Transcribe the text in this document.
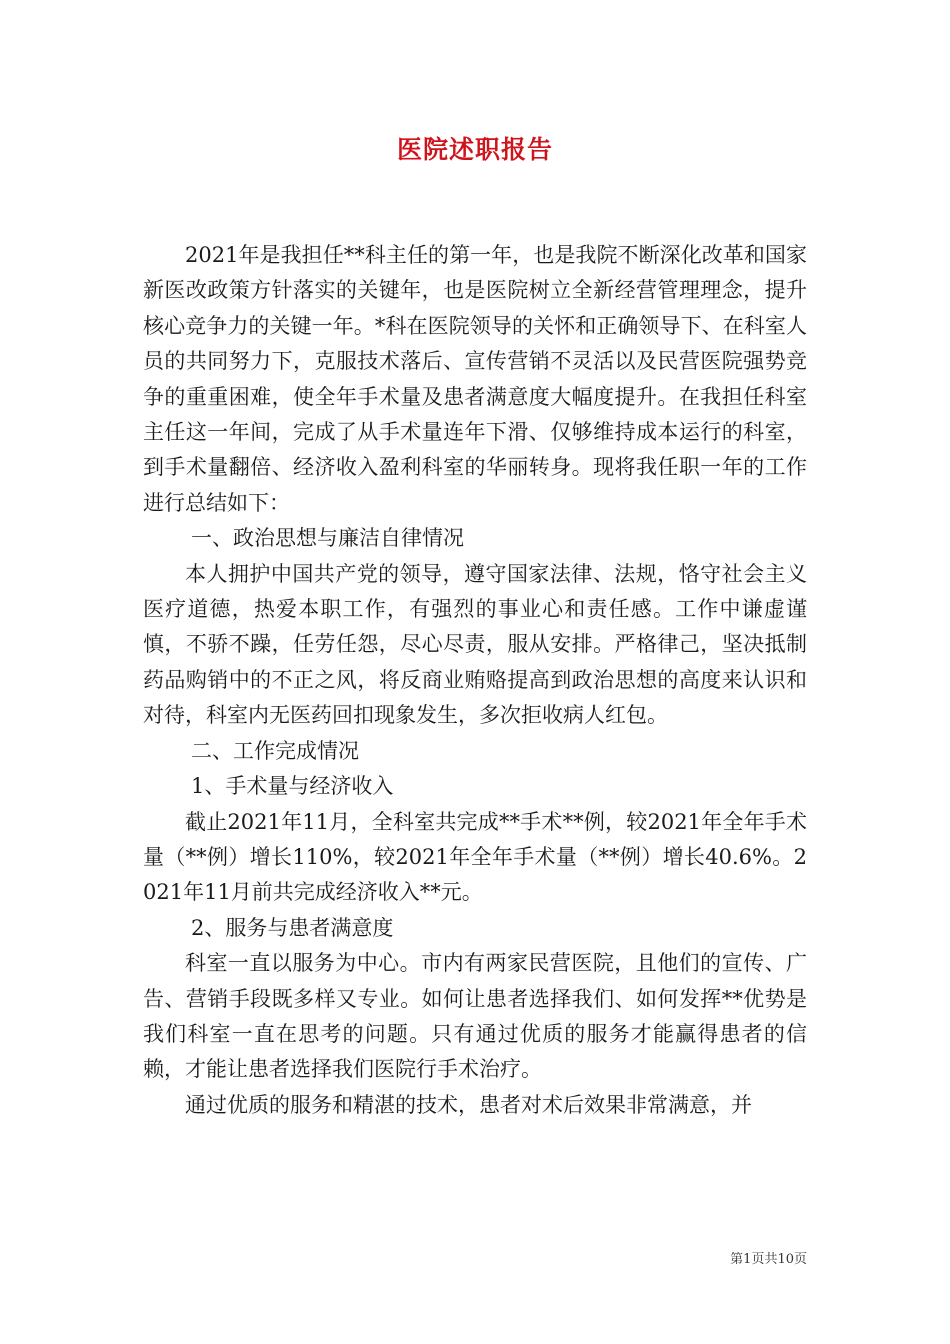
医院述职报告

2021年是我担任**科主任的第一年，也是我院不断深化改革和国家新医改政策方针落实的关键年，也是医院树立全新经营管理理念，提升核心竞争力的关键一年。*科在医院领导的关怀和正确领导下、在科室人员的共同努力下，克服技术落后、宣传营销不灵活以及民营医院强势竞争的重重困难，使全年手术量及患者满意度大幅度提升。在我担任科室主任这一年间，完成了从手术量连年下滑、仅够维持成本运行的科室，到手术量翻倍、经济收入盈利科室的华丽转身。现将我任职一年的工作进行总结如下：

一、政治思想与廉洁自律情况

本人拥护中国共产党的领导，遵守国家法律、法规，恪守社会主义医疗道德，热爱本职工作，有强烈的事业心和责任感。工作中谦虚谨慎，不骄不躁，任劳任怨，尽心尽责，服从安排。严格律己，坚决抵制药品购销中的不正之风，将反商业贿赂提高到政治思想的高度来认识和对待，科室内无医药回扣现象发生，多次拒收病人红包。

二、工作完成情况

1、手术量与经济收入

截止2021年11月，全科室共完成**手术**例，较2021年全年手术量（**例）增长110%，较2021年全年手术量（**例）增长40.6%。2021年11月前共完成经济收入**元。

2、服务与患者满意度

科室一直以服务为中心。市内有两家民营医院，且他们的宣传、广告、营销手段既多样又专业。如何让患者选择我们、如何发挥**优势是我们科室一直在思考的问题。只有通过优质的服务才能赢得患者的信赖，才能让患者选择我们医院行手术治疗。

通过优质的服务和精湛的技术，患者对术后效果非常满意，并

第1页共10页
